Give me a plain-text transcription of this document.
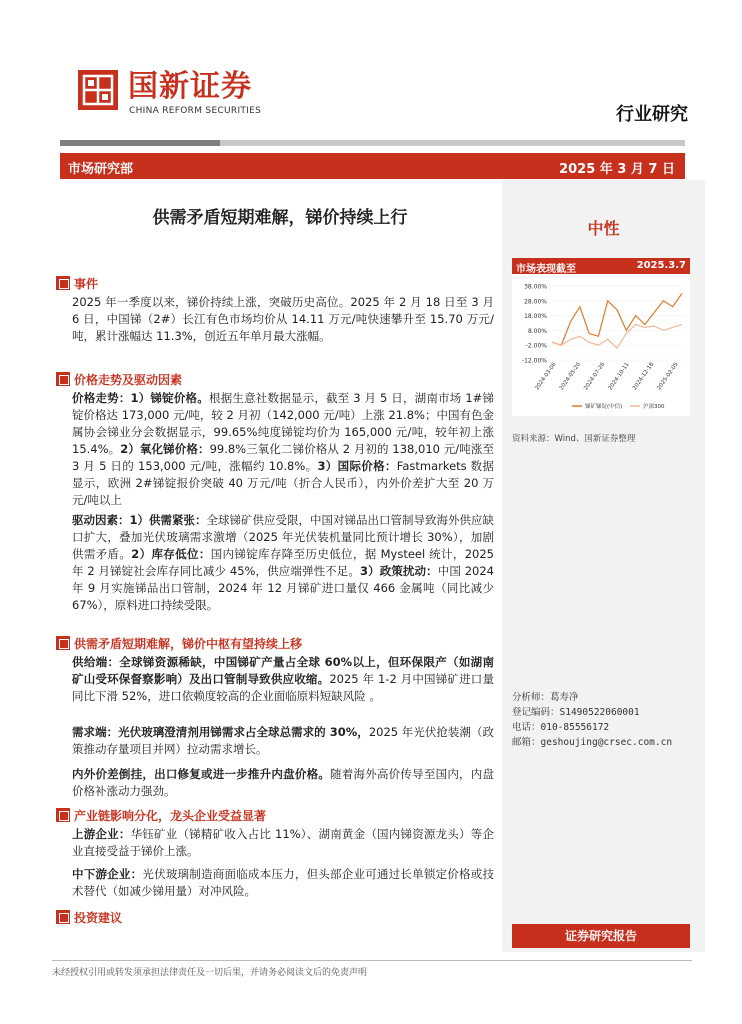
国新证券
CHINA REFORM SECURITIES	行业研究
市场研究部	2025 年 3 月 7 日
供需矛盾短期难解，锑价持续上行
中性
市场表现截至	2025.3.7
38.00%
28.00%
18.00%
8.00%
-2.00%
-12.00%
2024-03-06 2024-05-20 2024-07-26 2024-10-11 2024-12-18 2025-02-05
锑矿锑锭(中信)	沪深300
资料来源：Wind、国新证券整理
分析师：葛寿净
登记编码：S1490522060001
电话：010-85556172
邮箱：geshoujing@crsec.com.cn
证券研究报告
事件
2025 年一季度以来，锑价持续上涨，突破历史高位。2025 年 2 月 18 日至 3 月 6 日，中国锑（2#）长江有色市场均价从 14.11 万元/吨快速攀升至 15.70 万元/吨，累计涨幅达 11.3%，创近五年单月最大涨幅。
价格走势及驱动因素
价格走势：1）锑锭价格。根据生意社数据显示，截至 3 月 5 日，湖南市场 1#锑锭价格达 173,000 元/吨，较 2 月初（142,000 元/吨）上涨 21.8%；中国有色金属协会锑业分会数据显示，99.65%纯度锑锭均价为 165,000 元/吨，较年初上涨 15.4%。2）氧化锑价格：99.8%三氧化二锑价格从 2 月初的 138,010 元/吨涨至 3 月 5 日的 153,000 元/吨，涨幅约 10.8%。3）国际价格：Fastmarkets 数据显示，欧洲 2#锑锭报价突破 40 万元/吨（折合人民币），内外价差扩大至 20 万元/吨以上
驱动因素：1）供需紧张：全球锑矿供应受限，中国对锑品出口管制导致海外供应缺口扩大，叠加光伏玻璃需求激增（2025 年光伏装机量同比预计增长 30%），加剧供需矛盾。2）库存低位：国内锑锭库存降至历史低位，据 Mysteel 统计，2025 年 2 月锑锭社会库存同比减少 45%，供应端弹性不足。3）政策扰动：中国 2024 年 9 月实施锑品出口管制，2024 年 12 月锑矿进口量仅 466 金属吨（同比减少 67%），原料进口持续受限。
供需矛盾短期难解，锑价中枢有望持续上移
供给端：全球锑资源稀缺，中国锑矿产量占全球 60%以上，但环保限产（如湖南矿山受环保督察影响）及出口管制导致供应收缩。2025 年 1-2 月中国锑矿进口量同比下滑 52%，进口依赖度较高的企业面临原料短缺风险 。
需求端：光伏玻璃澄清剂用锑需求占全球总需求的 30%，2025 年光伏抢装潮（政策推动存量项目并网）拉动需求增长。
内外价差倒挂，出口修复或进一步推升内盘价格。随着海外高价传导至国内，内盘价格补涨动力强劲。
产业链影响分化，龙头企业受益显著
上游企业：华钰矿业（锑精矿收入占比 11%）、湖南黄金（国内锑资源龙头）等企业直接受益于锑价上涨。
中下游企业：光伏玻璃制造商面临成本压力，但头部企业可通过长单锁定价格或技术替代（如减少锑用量）对冲风险。
投资建议
未经授权引用或转发须承担法律责任及一切后果，并请务必阅读文后的免责声明
